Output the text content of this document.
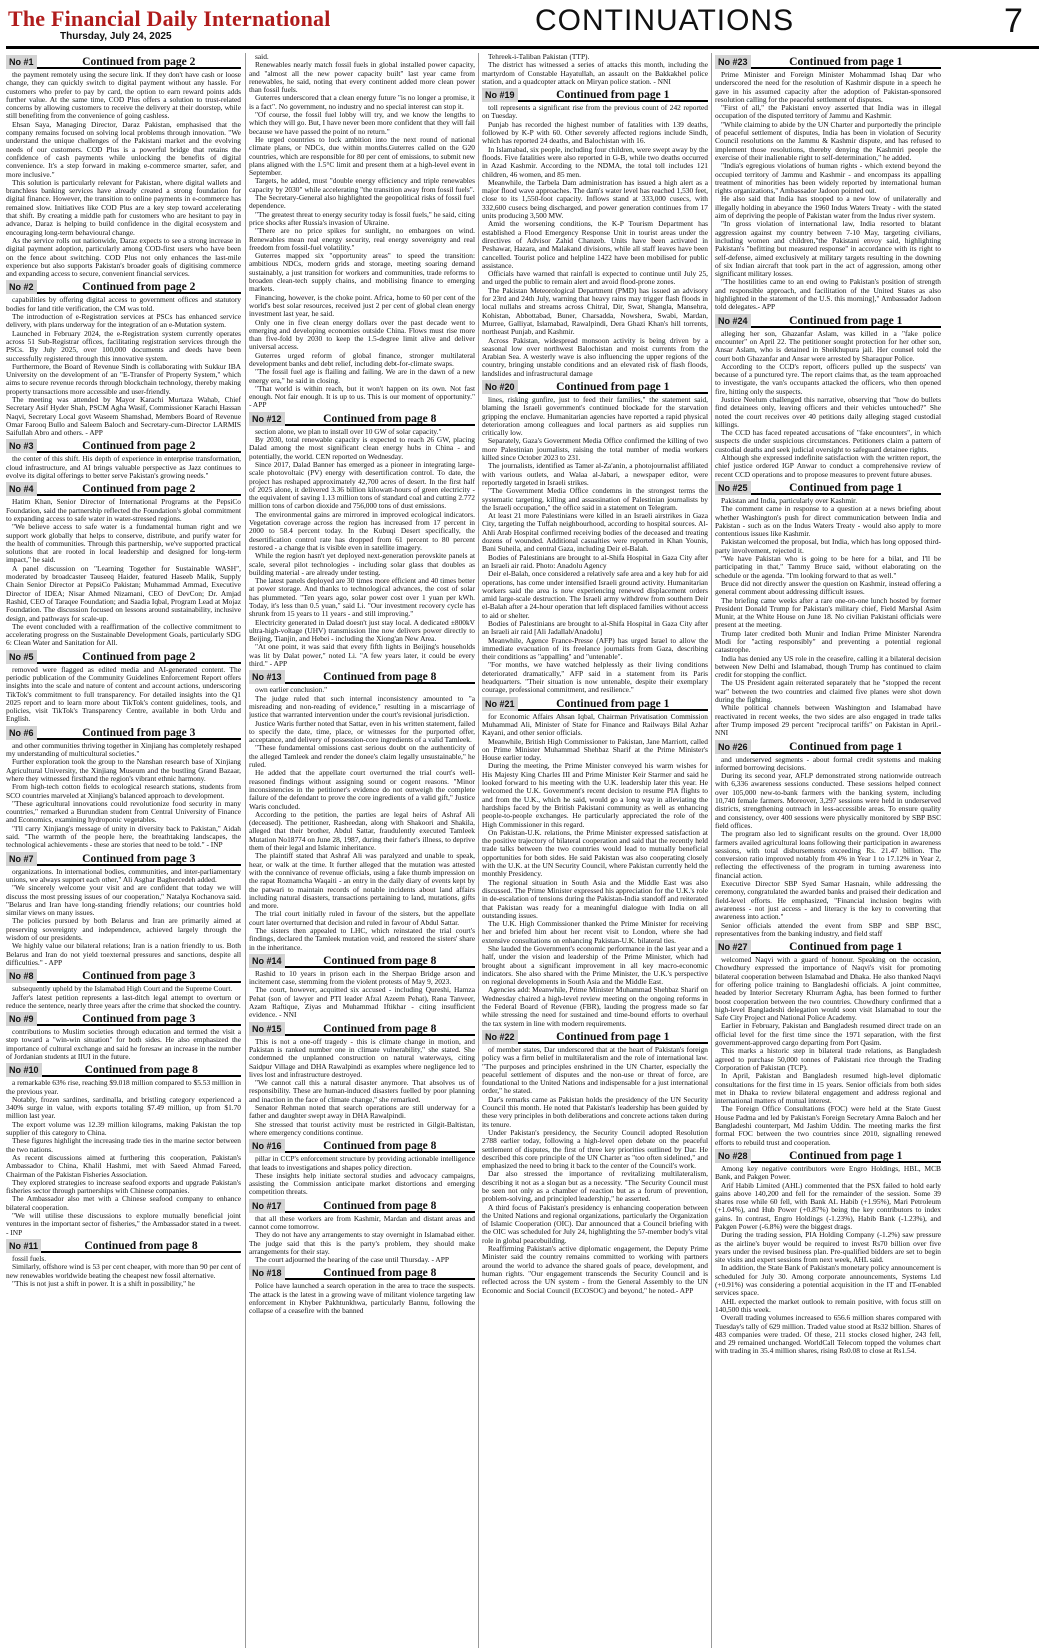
The Financial Daily International
Thursday, July 24, 2025	CONTINUATIONS	7
No #1	Continued from page 2

the payment remotely using the secure link. If they don't have cash or loose change, they can quickly switch to digital payment without any hassle. For customers who prefer to pay by card, the option to earn reward points adds further value. At the same time, COD Plus offers a solution to trust-related concerns by allowing customers to receive the delivery at their doorstep, while still benefiting from the convenience of going cashless.

Ehsan Saya, Managing Director, Daraz Pakistan, emphasised that the company remains focused on solving local problems through innovation. "We understand the unique challenges of the Pakistani market and the evolving needs of our customers. COD Plus is a powerful bridge that retains the confidence of cash payments while unlocking the benefits of digital convenience. It's a step forward in making e-commerce smarter, safer, and more inclusive."

This solution is particularly relevant for Pakistan, where digital wallets and branchless banking services have already created a strong foundation for digital finance. However, the transition to online payments in e-commerce has remained slow. Initiatives like COD Plus are a key step toward accelerating that shift. By creating a middle path for customers who are hesitant to pay in advance, Daraz is helping to build confidence in the digital ecosystem and encouraging long-term behavioural change.

As the service rolls out nationwide, Daraz expects to see a strong increase in digital payment adoption, particularly among COD-first users who have been on the fence about switching. COD Plus not only enhances the last-mile experience but also supports Pakistan's broader goals of digitising commerce and expanding access to secure, convenient financial services.

No #2	Continued from page 2

capabilities by offering digital access to government offices and statutory bodies for land title verification, the CM was told.

The introduction of e-Registration services at PSCs has enhanced service delivery, with plans underway for the integration of an e-Mutation system.

Launched in February 2024, the e-Registration system currently operates across 51 Sub-Registrar offices, facilitating registration services through the PSCs. By July 2025, over 100,000 documents and deeds have been successfully registered through this innovative system.

Furthermore, the Board of Revenue Sindh is collaborating with Sukkur IBA University on the development of an "E-Transfer of Property System," which aims to secure revenue records through blockchain technology, thereby making property transactions more accessible and user-friendly.

The meeting was attended by Mayor Karachi Murtaza Wahab, Chief Secretary Asif Hyder Shah, PSCM Agha Wasif, Commissioner Karachi Hassan Naqvi, Secretary Local govt Waseem Shamshad, Members Board of Revenue Omar Farooq Bullo and Saleem Baloch and Secretary-cum-Director LARMIS Saifullah Abro and others. - APP

No #3	Continued from page 2

the center of this shift. His depth of experience in enterprise transformation, cloud infrastructure, and AI brings valuable perspective as Jazz continues to evolve its digital offerings to better serve Pakistan's growing needs."

No #4	Continued from page 2

Hatim Khan, Senior Director of International Programs at the PepsiCo Foundation, said the partnership reflected the Foundation's global commitment to expanding access to safe water in water-stressed regions.

"We believe access to safe water is a fundamental human right and we support work globally that helps to conserve, distribute, and purify water for the health of communities. Through this partnership, we've supported practical solutions that are rooted in local leadership and designed for long-term impact," he said.

A panel discussion on "Learning Together for Sustainable WASH", moderated by broadcaster Tauseeq Haider, featured Haseeb Malik, Supply Chain Senior Director at PepsiCo Pakistan; Muhammad Ammad, Executive Director of IDEA; Nisar Ahmed Nizamani, CEO of DevCon; Dr. Amjad Rashid, CEO of Taraqee Foundation; and Saadia Iqbal, Program Lead at Mojaz Foundation. The discussion focused on lessons around sustainability, inclusive design, and pathways for scale-up.

The event concluded with a reaffirmation of the collective commitment to accelerating progress on the Sustainable Development Goals, particularly SDG 6: Clean Water and Sanitation for All.

No #5	Continued from page 2

removed were flagged as edited media and AI-generated content. The periodic publication of the Community Guidelines Enforcement Report offers insights into the scale and nature of content and account actions, underscoring TikTok's commitment to full transparency. For detailed insights into the Q1 2025 report and to learn more about TikTok's content guidelines, tools, and policies, visit TikTok's Transparency Centre, available in both Urdu and English.

No #6	Continued from page 3

and other communities thriving together in Xinjiang has completely reshaped my understanding of multicultural societies."

Further exploration took the group to the Nanshan research base of Xinjiang Agricultural University, the Xinjiang Museum and the bustling Grand Bazaar, where they witnessed firsthand the region's vibrant ethnic harmony.

From high-tech cotton fields to ecological research stations, students from SCO countries marveled at Xinjiang's balanced approach to development.

"These agricultural innovations could revolutionize food security in many countries," remarked a Burundian student from Central University of Finance and Economics, examining hydroponic vegetables.

"I'll carry Xinjiang's message of unity in diversity back to Pakistan," Aidah said. "The warmth of the people here, the breathtaking landscapes, the technological achievements - these are stories that need to be told." - INP

No #7	Continued from page 3

organizations. In international bodies, communities, and inter-parliamentary unions, we always support each other," Ali Asghar Baghercedeh added.

"We sincerely welcome your visit and are confident that today we will discuss the most pressing issues of our cooperation," Natalya Kochanova said. "Belarus and Iran have long-standing friendly relations; our countries hold similar views on many issues.

The policies pursued by both Belarus and Iran are primarily aimed at preserving sovereignty and independence, achieved largely through the wisdom of our presidents.

We highly value our bilateral relations; Iran is a nation friendly to us. Both Belarus and Iran do not yield toexternal pressures and sanctions, despite all difficulties." - APP

No #8	Continued from page 3

subsequently upheld by the Islamabad High Court and the Supreme Court.

Jaffer's latest petition represents a last-ditch legal attempt to overturn or reduce the sentence, nearly three years after the crime that shocked the country.

No #9	Continued from page 3

contributions to Muslim societies through education and termed the visit a step toward a "win-win situation" for both sides. He also emphasized the importance of cultural exchange and said he foresaw an increase in the number of Jordanian students at IIUI in the future.

No #10	Continued from page 8

a remarkable 63% rise, reaching $9.018 million compared to $5.53 million in the previous year.

Notably, frozen sardines, sardinalla, and bristling category experienced a 340% surge in value, with exports totaling $7.49 million, up from $1.70 million last year.

The export volume was 12.39 million kilograms, making Pakistan the top supplier of this category to China.

These figures highlight the increasing trade ties in the marine sector between the two nations.

As recent discussions aimed at furthering this cooperation, Pakistan's Ambassador to China, Khalil Hashmi, met with Saeed Ahmad Fareed, Chairman of the Pakistan Fisheries Association.

They explored strategies to increase seafood exports and upgrade Pakistan's fisheries sector through partnerships with Chinese companies.

The Ambassador also met with a Chinese seafood company to enhance bilateral cooperation.

"We will utilise these discussions to explore mutually beneficial joint ventures in the important sector of fisheries," the Ambassador stated in a tweet. - INP

No #11	Continued from page 8

fossil fuels.

Similarly, offshore wind is 53 per cent cheaper, with more than 90 per cent of new renewables worldwide beating the cheapest new fossil alternative.

"This is not just a shift in power. It is a shift in possibility," he

said.

Renewables nearly match fossil fuels in global installed power capacity, and "almost all the new power capacity built" last year came from renewables, he said, noting that every continent added more clean power than fossil fuels.

Guterres underscored that a clean energy future "is no longer a promise, it is a fact". No government, no industry and no special interest can stop it.

"Of course, the fossil fuel lobby will try, and we know the lengths to which they will go. But, I have never been more confident that they will fail because we have passed the point of no return."

He urged countries to lock ambition into the next round of national climate plans, or NDCs, due within months.Guterres called on the G20 countries, which are responsible for 80 per cent of emissions, to submit new plans aligned with the 1.5°C limit and present them at a high-level event in September.

Targets, he added, must "double energy efficiency and triple renewables capacity by 2030" while accelerating "the transition away from fossil fuels".

The Secretary-General also highlighted the geopolitical risks of fossil fuel dependence.

"The greatest threat to energy security today is fossil fuels," he said, citing price shocks after Russia's invasion of Ukraine.

"There are no price spikes for sunlight, no embargoes on wind. Renewables mean real energy security, real energy sovereignty and real freedom from fossil-fuel volatility."

Guterres mapped six "opportunity areas" to speed the transition: ambitious NDCs, modern grids and storage, meeting soaring demand sustainably, a just transition for workers and communities, trade reforms to broaden clean-tech supply chains, and mobilising finance to emerging markets.

Financing, however, is the choke point. Africa, home to 60 per cent of the world's best solar resources, received just 2 per cent of global clean energy investment last year, he said.

Only one in five clean energy dollars over the past decade went to emerging and developing economies outside China. Flows must rise more than five-fold by 2030 to keep the 1.5-degree limit alive and deliver universal access.

Guterres urged reform of global finance, stronger multilateral development banks and debt relief, including debt-for-climate swaps.

"The fossil fuel age is flailing and failing. We are in the dawn of a new energy era," he said in closing.

"That world is within reach, but it won't happen on its own. Not fast enough. Not fair enough. It is up to us. This is our moment of opportunity." - APP

No #12	Continued from page 8

section alone, we plan to install over 10 GW of solar capacity."

By 2030, total renewable capacity is expected to reach 26 GW, placing Dalad among the most significant clean energy hubs in China - and potentially, the world. CEN reported on Wednesday.

Since 2017, Dalad Banner has emerged as a pioneer in integrating large-scale photovoltaic (PV) energy with desertification control. To date, the project has reshaped approximately 42,700 acres of desert. In the first half of 2025 alone, it delivered 3.36 billion kilowatt-hours of green electricity - the equivalent of saving 1.13 million tons of standard coal and cutting 2.772 million tons of carbon dioxide and 756,000 tons of dust emissions.

The environmental gains are mirrored in improved ecological indicators. Vegetation coverage across the region has increased from 17 percent in 2000 to 58.4 percent today. In the Kubuqi Desert specifically, the desertification control rate has dropped from 61 percent to 80 percent restored - a change that is visible even in satellite imagery.

While the region hasn't yet deployed next-generation perovskite panels at scale, several pilot technologies - including solar glass that doubles as building material - are already under testing.

The latest panels deployed are 30 times more efficient and 40 times better at power storage. And thanks to technological advances, the cost of solar has plummeted. "Ten years ago, solar power cost over 1 yuan per kWh. Today, it's less than 0.5 yuan," said Li. "Our investment recovery cycle has shrunk from 15 years to 11 years - and still improving."

Electricity generated in Dalad doesn't just stay local. A dedicated ±800kV ultra-high-voltage (UHV) transmission line now delivers power directly to Beijing, Tianjin, and Hebei - including the Xiong'an New Area.

"At one point, it was said that every fifth lights in Beijing's households was lit by Dalat power," noted Li. "A few years later, it could be every third." - APP

No #13	Continued from page 8

own earlier conclusion."

The judge ruled that such internal inconsistency amounted to "a misreading and non-reading of evidence," resulting in a miscarriage of justice that warranted intervention under the court's revisional jurisdiction.

Justice Waris further noted that Sattar, even in his written statement, failed to specify the date, time, place, or witnesses for the purported offer, acceptance, and delivery of possession-core ingredients of a valid Tamleek.

"These fundamental omissions cast serious doubt on the authenticity of the alleged Tamleek and render the donee's claim legally unsustainable," he ruled.

He added that the appellate court overturned the trial court's well-reasoned findings without assigning sound or cogent reasons. "Minor inconsistencies in the petitioner's evidence do not outweigh the complete failure of the defendant to prove the core ingredients of a valid gift," Justice Waris concluded.

According to the petition, the parties are legal heirs of Ashraf Ali (deceased). The petitioner, Rasheedan, along with Shakoori and Shakila, alleged that their brother, Abdul Sattar, fraudulently executed Tamleek Mutation No18774 on June 28, 1987, during their father's illness, to deprive them of their legal and Islamic inheritance.

The plaintiff stated that Ashraf Ali was paralyzed and unable to speak, hear, or walk at the time. It further alleged that the mutation was attested with the connivance of revenue officials, using a fake thumb impression on the rapat Roznamcha Waqaiti - an entry in the daily diary of events kept by the patwari to maintain records of notable incidents about land affairs including natural disasters, transactions pertaining to land, mutations, gifts and more.

The trial court initially ruled in favour of the sisters, but the appellate court later overturned that decision and ruled in favour of Abdul Sattar.

The sisters then appealed to LHC, which reinstated the trial court's findings, declared the Tamleek mutation void, and restored the sisters' share in the inheritance.

No #14	Continued from page 8

Rashid to 10 years in prison each in the Sherpao Bridge arson and incitement case, stemming from the violent protests of May 9, 2023.

The court, however, acquitted six accused - including Qureshi, Hamza Pehat (son of lawyer and PTI leader Afzal Azeem Pehat), Rana Tanveer, Azam Raftique, Ziyas and Muhammad Iftikhar - citing insufficient evidence. - NNI

No #15	Continued from page 8

This is not a one-off tragedy - this is climate change in motion, and Pakistan is ranked number one in climate vulnerability," she stated. She condemned the unplanned construction on natural waterways, citing Saidpur Village and DHA Rawalpindi as examples where negligence led to lives lost and infrastructure destroyed.

"We cannot call this a natural disaster anymore. That absolves us of responsibility. These are human-induced disasters fuelled by poor planning and inaction in the face of climate change," she remarked.

Senator Rehman noted that search operations are still underway for a father and daughter swept away in DHA Rawalpindi.

She stressed that tourist activity must be restricted in Gilgit-Baltistan, where emergency conditions continue.

No #16	Continued from page 8

pillar in CCP's enforcement structure by providing actionable intelligence that leads to investigations and shapes policy direction.

These insights help initiate sectoral studies and advocacy campaigns, assisting the Commission anticipate market distortions and emerging competition threats.

No #17	Continued from page 8

that all these workers are from Kashmir, Mardan and distant areas and cannot come tomorrow.

They do not have any arrangements to stay overnight in Islamabad either. The judge said that this is the party's problem, they should make arrangements for their stay.

The court adjourned the hearing of the case until Thursday. - APP

No #18	Continued from page 8

Police have launched a search operation in the area to trace the suspects. The attack is the latest in a growing wave of militant violence targeting law enforcement in Khyber Pakhtunkhwa, particularly Bannu, following the collapse of a ceasefire with the banned

Tehreek-i-Taliban Pakistan (TTP).

The district has witnessed a series of attacks this month, including the martyrdom of Constable Hayatullah, an assault on the Bakkakhel police station, and a quadcopter attack on Miryan police station. - NNI

No #19	Continued from page 1

toll represents a significant rise from the previous count of 242 reported on Tuesday.

Punjab has recorded the highest number of fatalities with 139 deaths, followed by K-P with 60. Other severely affected regions include Sindh, which has reported 24 deaths, and Balochistan with 16.

In Islamabad, six people, including four children, were swept away by the floods. Five fatalities were also reported in G-B, while two deaths occurred in Azad Kashmir. According to the NDMA, the total toll includes 121 children, 46 women, and 85 men.

Meanwhile, the Tarbela Dam administration has issued a high alert as a major flood wave approaches. The dam's water level has reached 1,530 feet, close to its 1,550-foot capacity. Inflows stand at 333,000 cusecs, with 332,600 cusecs being discharged, and power generation continues from 17 units producing 3,500 MW.

Amid the worsening conditions, the K-P Tourism Department has established a Flood Emergency Response Unit in tourist areas under the directives of Advisor Zahid Chanzeb. Units have been activated in Peshawar, Hazara, and Malakand divisions, while all staff leaves have been cancelled. Tourist police and helpline 1422 have been mobilised for public assistance.

Officials have warned that rainfall is expected to continue until July 25, and urged the public to remain alert and avoid flood-prone zones.

The Pakistan Meteorological Department (PMD) has issued an advisory for 23rd and 24th July, warning that heavy rains may trigger flash floods in local nullahs and streams across Chitral, Dir, Swat, Shangla, Mansehra, Kohistan, Abbottabad, Buner, Charsadda, Nowshera, Swabi, Mardan, Murree, Galliyat, Islamabad, Rawalpindi, Dera Ghazi Khan's hill torrents, northeast Punjab, and Kashmir.

Across Pakistan, widespread monsoon activity is being driven by a seasonal low over northwest Balochistan and moist currents from the Arabian Sea. A westerly wave is also influencing the upper regions of the country, bringing unstable conditions and an elevated risk of flash floods, landslides and infrastructural damage

No #20	Continued from page 1

lines, risking gunfire, just to feed their families," the statement said, blaming the Israeli government's continued blockade for the starvation gripping the enclave. Humanitarian agencies have reported a rapid physical deterioration among colleagues and local partners as aid supplies run critically low.

Separately, Gaza's Government Media Office confirmed the killing of two more Palestinian journalists, raising the total number of media workers killed since October 2023 to 231.

The journalists, identified as Tamer al-Za'anin, a photojournalist affiliated with various outlets, and Walaa al-Jabari, a newspaper editor, were reportedly targeted in Israeli strikes.

"The Government Media Office condemns in the strongest terms the systematic targeting, killing and assassination of Palestinian journalists by the Israeli occupation," the office said in a statement on Telegram.

At least 21 more Palestinians were killed in an Israeli airstrikes in Gaza City, targeting the Tuffah neighbourhood, according to hospital sources. Al-Ahli Arab Hospital confirmed receiving bodies of the deceased and treating dozens of wounded. Additional casualties were reported in Khan Younis, Bani Suheila, and central Gaza, including Deir el-Balah.

Bodies of Palestinians are brought to al-Shifa Hospital in Gaza City after an Israeli air raid. Photo: Anadolu Agency

Deir el-Balah, once considered a relatively safe area and a key hub for aid operations, has come under intensified Israeli ground activity. Humanitarian workers said the area is now experiencing renewed displacement orders amid large-scale destruction. The Israeli army withdrew from southern Deir el-Balah after a 24-hour operation that left displaced families without access to aid or shelter.

Bodies of Palestinians are brought to al-Shifa Hospital in Gaza City after an Israeli air raid [Ali Jadallah/Anadolu]

Meanwhile, Agence France-Presse (AFP) has urged Israel to allow the immediate evacuation of its freelance journalists from Gaza, describing their conditions as "appalling" and "untenable".

"For months, we have watched helplessly as their living conditions deteriorated dramatically," AFP said in a statement from its Paris headquarters. "Their situation is now untenable, despite their exemplary courage, professional commitment, and resilience."

No #21	Continued from page 1

for Economic Affairs Ahsan Iqbal, Chairman Privatisation Commission Muhammad Ali, Minister of State for Finance and Railways Bilal Azhar Kayani, and other senior officials.

Meanwhile, British High Commissioner to Pakistan, Jane Marriott, called on Prime Minister Muhammad Shehbaz Sharif at the Prime Minister's House earlier today.

During the meeting, the Prime Minister conveyed his warm wishes for His Majesty King Charles III and Prime Minister Keir Starmer and said he looked forward to his meeting with the U.K. leadership later this year. He welcomed the U.K. Government's recent decision to resume PIA flights to and from the U.K., which he said, would go a long way in alleviating the hardships faced by the British Pakistani community as well as enhancing people-to-people exchanges. He particularly appreciated the role of the High Commissioner in this regard.

On Pakistan-U.K. relations, the Prime Minister expressed satisfaction at the positive trajectory of bilateral cooperation and said that the recently held trade talks between the two countries would lead to mutually beneficial opportunities for both sides. He said Pakistan was also cooperating closely with the U.K. at the UN Security Council, where Pakistan currently held the monthly Presidency.

The regional situation in South Asia and the Middle East was also discussed. The Prime Minister expressed his appreciation for the U.K.'s role in de-escalation of tensions during the Pakistan-India standoff and reiterated that Pakistan was ready for a meaningful dialogue with India on all outstanding issues.

The U.K. High Commissioner thanked the Prime Minister for receiving her and briefed him about her recent visit to London, where she had extensive consultations on enhancing Pakistan-U.K. bilateral ties.

She lauded the Government's economic performance in the last year and a half, under the vision and leadership of the Prime Minister, which had brought about a significant improvement in all key macro-economic indicators. She also shared with the Prime Minister, the U.K.'s perspective on regional developments in South Asia and the Middle East.

Agencies add: Meanwhile, Prime Minister Muhammad Shehbaz Sharif on Wednesday chaired a high-level review meeting on the ongoing reforms in the Federal Board of Revenue (FBR), lauding the progress made so far while stressing the need for sustained and time-bound efforts to overhaul the tax system in line with modern requirements.

No #22	Continued from page 1

of member states, Dar underscored that at the heart of Pakistan's foreign policy was a firm belief in multilateralism and the role of international law. "The purposes and principles enshrined in the UN Charter, especially the peaceful settlement of disputes and the non-use or threat of force, are foundational to the United Nations and indispensable for a just international order," he stated.

Dar's remarks came as Pakistan holds the presidency of the UN Security Council this month. He noted that Pakistan's leadership has been guided by these very principles in both deliberations and concrete actions taken during its tenure.

Under Pakistan's presidency, the Security Council adopted Resolution 2788 earlier today, following a high-level open debate on the peaceful settlement of disputes, the first of three key priorities outlined by Dar. He described this core principle of the UN Charter as "too often sidelined," and emphasized the need to bring it back to the center of the Council's work.

Dar also stressed the importance of revitalizing multilateralism, describing it not as a slogan but as a necessity. "The Security Council must be seen not only as a chamber of reaction but as a forum of prevention, problem-solving, and principled leadership," he asserted.

A third focus of Pakistan's presidency is enhancing cooperation between the United Nations and regional organizations, particularly the Organization of Islamic Cooperation (OIC). Dar announced that a Council briefing with the OIC was scheduled for July 24, highlighting the 57-member body's vital role in global peacebuilding.

Reaffirming Pakistan's active diplomatic engagement, the Deputy Prime Minister said the country remains committed to working with partners around the world to advance the shared goals of peace, development, and human rights. "Our engagement transcends the Security Council and is reflected across the UN system - from the General Assembly to the UN Economic and Social Council (ECOSOC) and beyond," he noted.- APP

No #23	Continued from page 1

Prime Minister and Foreign Minister Mohammad Ishaq Dar who underscored the need for the resolution of Kashmir dispute in a speech he gave in his assumed capacity after the adoption of Pakistan-sponsored resolution calling for the peaceful settlement of disputes.

"First of all," the Pakistani envoy asserted that India was in illegal occupation of the disputed territory of Jammu and Kashmir.

"While claiming to abide by the UN Charter and purportedly the principle of peaceful settlement of disputes, India has been in violation of Security Council resolutions on the Jammu & Kashmir dispute, and has refused to implement those resolutions, thereby denying the Kashmiri people the exercise of their inalienable right to self-determination," he added.

"India's egregious violations of human rights - which extend beyond the occupied territory of Jammu and Kashmir - and encompass its appalling treatment of minorities has been widely reported by international human rights organizations," Ambassador Jadoon pointed out.

He also said that India has stooped to a new low of unilaterally and illegally holding in abeyance the 1960 Indus Waters Treaty - with the stated aim of depriving the people of Pakistan water from the Indus river system.

"In gross violation of international law, India resorted to blatant aggression against my country between 7-10 May, targeting civilians, including women and children,"the Pakistani envoy said, highlighting Pakistan's "befitting but measured response" in accordance with its right to self-defense, aimed exclusively at military targets resulting in the downing of six Indian aircraft that took part in the act of aggression, among other significant military losses.

"The hostilities came to an end owing to Pakistan's position of strength and responsible approach, and facilitation of the United States as also highlighted in the statement of the U.S. this morning]," Ambassador Jadoon told delegates.- APP

No #24	Continued from page 1

alleging her son, Ghazanfar Aslam, was killed in a "fake police encounter" on April 22. The petitioner sought protection for her other son, Ansar Aslam, who is detained in Sheikhupura jail. Her counsel told the court both Ghazanfar and Ansar were arrested by Sharaqpur Police.

According to the CCD's report, officers pulled up the suspects' van because of a punctured tyre. The report claims that, as the team approached to investigate, the van's occupants attacked the officers, who then opened fire, hitting only the suspects.

Justice Neelum challenged this narrative, observing that "how do bullets find detainees only, leaving officers and their vehicles untouched?" She noted the court receives over 40 petitions daily alleging staged custodial killings.

The CCD has faced repeated accusations of "fake encounters", in which suspects die under suspicious circumstances. Petitioners claim a pattern of custodial deaths and seek judicial oversight to safeguard detainee rights.

Although she expressed indefinite satisfaction with the written report, the chief justice ordered IGP Anwar to conduct a comprehensive review of recent CCD operations and to propose measures to prevent future abuses.

No #25	Continued from page 1

Pakistan and India, particularly over Kashmir.

The comment came in response to a question at a news briefing about whether Washington's push for direct communication between India and Pakistan - such as on the Indus Waters Treaty - would also apply to more contentious issues like Kashmir.

Pakistan welcomed the proposal, but India, which has long opposed third-party involvement, rejected it.

"We have Pakistan who is going to be here for a bilat, and I'll be participating in that," Tammy Bruce said, without elaborating on the schedule or the agenda. "I'm looking forward to that as well."

Bruce did not directly answer the question on Kashmir, instead offering a general comment about addressing difficult issues.

The briefing came weeks after a rare one-on-one lunch hosted by former President Donald Trump for Pakistan's military chief, Field Marshal Asim Munir, at the White House on June 18. No civilian Pakistani officials were present at the meeting.

Trump later credited both Munir and Indian Prime Minister Narendra Modi for "acting responsibly" and preventing a potential regional catastrophe.

India has denied any US role in the ceasefire, calling it a bilateral decision between New Delhi and Islamabad, though Trump has continued to claim credit for stopping the conflict.

The US President again reiterated separately that he "stopped the recent war" between the two countries and claimed five planes were shot down during the fighting.

While political channels between Washington and Islamabad have reactivated in recent weeks, the two sides are also engaged in trade talks after Trump imposed 29 percent "reciprocal tariffs" on Pakistan in April.- NNI

No #26	Continued from page 1

and underserved segments - about formal credit systems and making informed borrowing decisions.

During its second year, AFLP demonstrated strong nationwide outreach with 6,336 awareness sessions conducted. These sessions helped connect over 105,000 new-to-bank farmers with the banking system, including 10,740 female farmers. Moreover, 3,297 sessions were held in underserved districts, strengthening outreach in less-accessible areas. To ensure quality and consistency, over 400 sessions were physically monitored by SBP BSC field offices.

The program also led to significant results on the ground. Over 18,000 farmers availed agricultural loans following their participation in awareness sessions, with total disbursements exceeding Rs. 21.47 billion. The conversion ratio improved notably from 4% in Year 1 to 17.12% in Year 2, reflecting the effectiveness of the program in turning awareness into financial action.

Executive Director SBP Syed Samar Hasnain, while addressing the ceremony, congratulated the awarded banks and praised their dedication and field-level efforts. He emphasized, "Financial inclusion begins with awareness - not just access - and literacy is the key to converting that awareness into action."

Senior officials attended the event from SBP and SBP BSC, representatives from the banking industry, and field staff

No #27	Continued from page 1

welcomed Naqvi with a guard of honour. Speaking on the occasion, Chowdhury expressed the importance of Naqvi's visit for promoting bilateral cooperation between Islamabad and Dhaka. He also thanked Naqvi for offering police training to Bangladeshi officials. A joint committee, headed by Interior Secretary Khurram Agha, has been formed to further boost cooperation between the two countries. Chowdhury confirmed that a high-level Bangladeshi delegation would soon visit Islamabad to tour the Safe City Project and National Police Academy.

Earlier in February, Pakistan and Bangladesh resumed direct trade on an official level for the first time since the 1971 separation, with the first government-approved cargo departing from Port Qasim.

This marks a historic step in bilateral trade relations, as Bangladesh agreed to purchase 50,000 tonnes of Pakistani rice through the Trading Corporation of Pakistan (TCP).

In April, Pakistan and Bangladesh resumed high-level diplomatic consultations for the first time in 15 years. Senior officials from both sides met in Dhaka to review bilateral engagement and address regional and international matters of mutual interest.

The Foreign Office Consultations (FOC) were held at the State Guest House Padma and led by Pakistan's Foreign Secretary Amna Baloch and her Bangladeshi counterpart, Md Jashim Uddin. The meeting marks the first formal FOC between the two countries since 2010, signalling renewed efforts to rebuild trust and cooperation.

No #28	Continued from page 1

Among key negative contributors were Engro Holdings, HBL, MCB Bank, and Pakgen Power.

Arif Habib Limited (AHL) commented that the PSX failed to hold early gains above 140,200 and fell for the remainder of the session. Some 39 shares rose while 60 fell, with Bank AL Habib (+1.95%), Mari Petroleum (+1.04%), and Hub Power (+0.87%) being the key contributors to index gains. In contrast, Engro Holdings (-1.23%), Habib Bank (-1.23%), and Pakgen Power (-6.8%) were the biggest drags.

During the trading session, PIA Holding Company (-1.2%) saw pressure as the airline's buyer would be required to invest Rs70 billion over five years under the revised business plan. Pre-qualified bidders are set to begin site visits and expert sessions from next week, AHL said.

In addition, the State Bank of Pakistan's monetary policy announcement is scheduled for July 30. Among corporate announcements, Systems Ltd (+0.91%) was considering a potential acquisition in the IT and IT-enabled services space.

AHL expected the market outlook to remain positive, with focus still on 140,500 this week.

Overall trading volumes increased to 656.6 million shares compared with Tuesday's tally of 629 million. Traded value stood at Rs32 billion. Shares of 483 companies were traded. Of these, 211 stocks closed higher, 243 fell, and 29 remained unchanged. WorldCall Telecom topped the volumes chart with trading in 35.4 million shares, rising Rs0.08 to close at Rs1.54.
